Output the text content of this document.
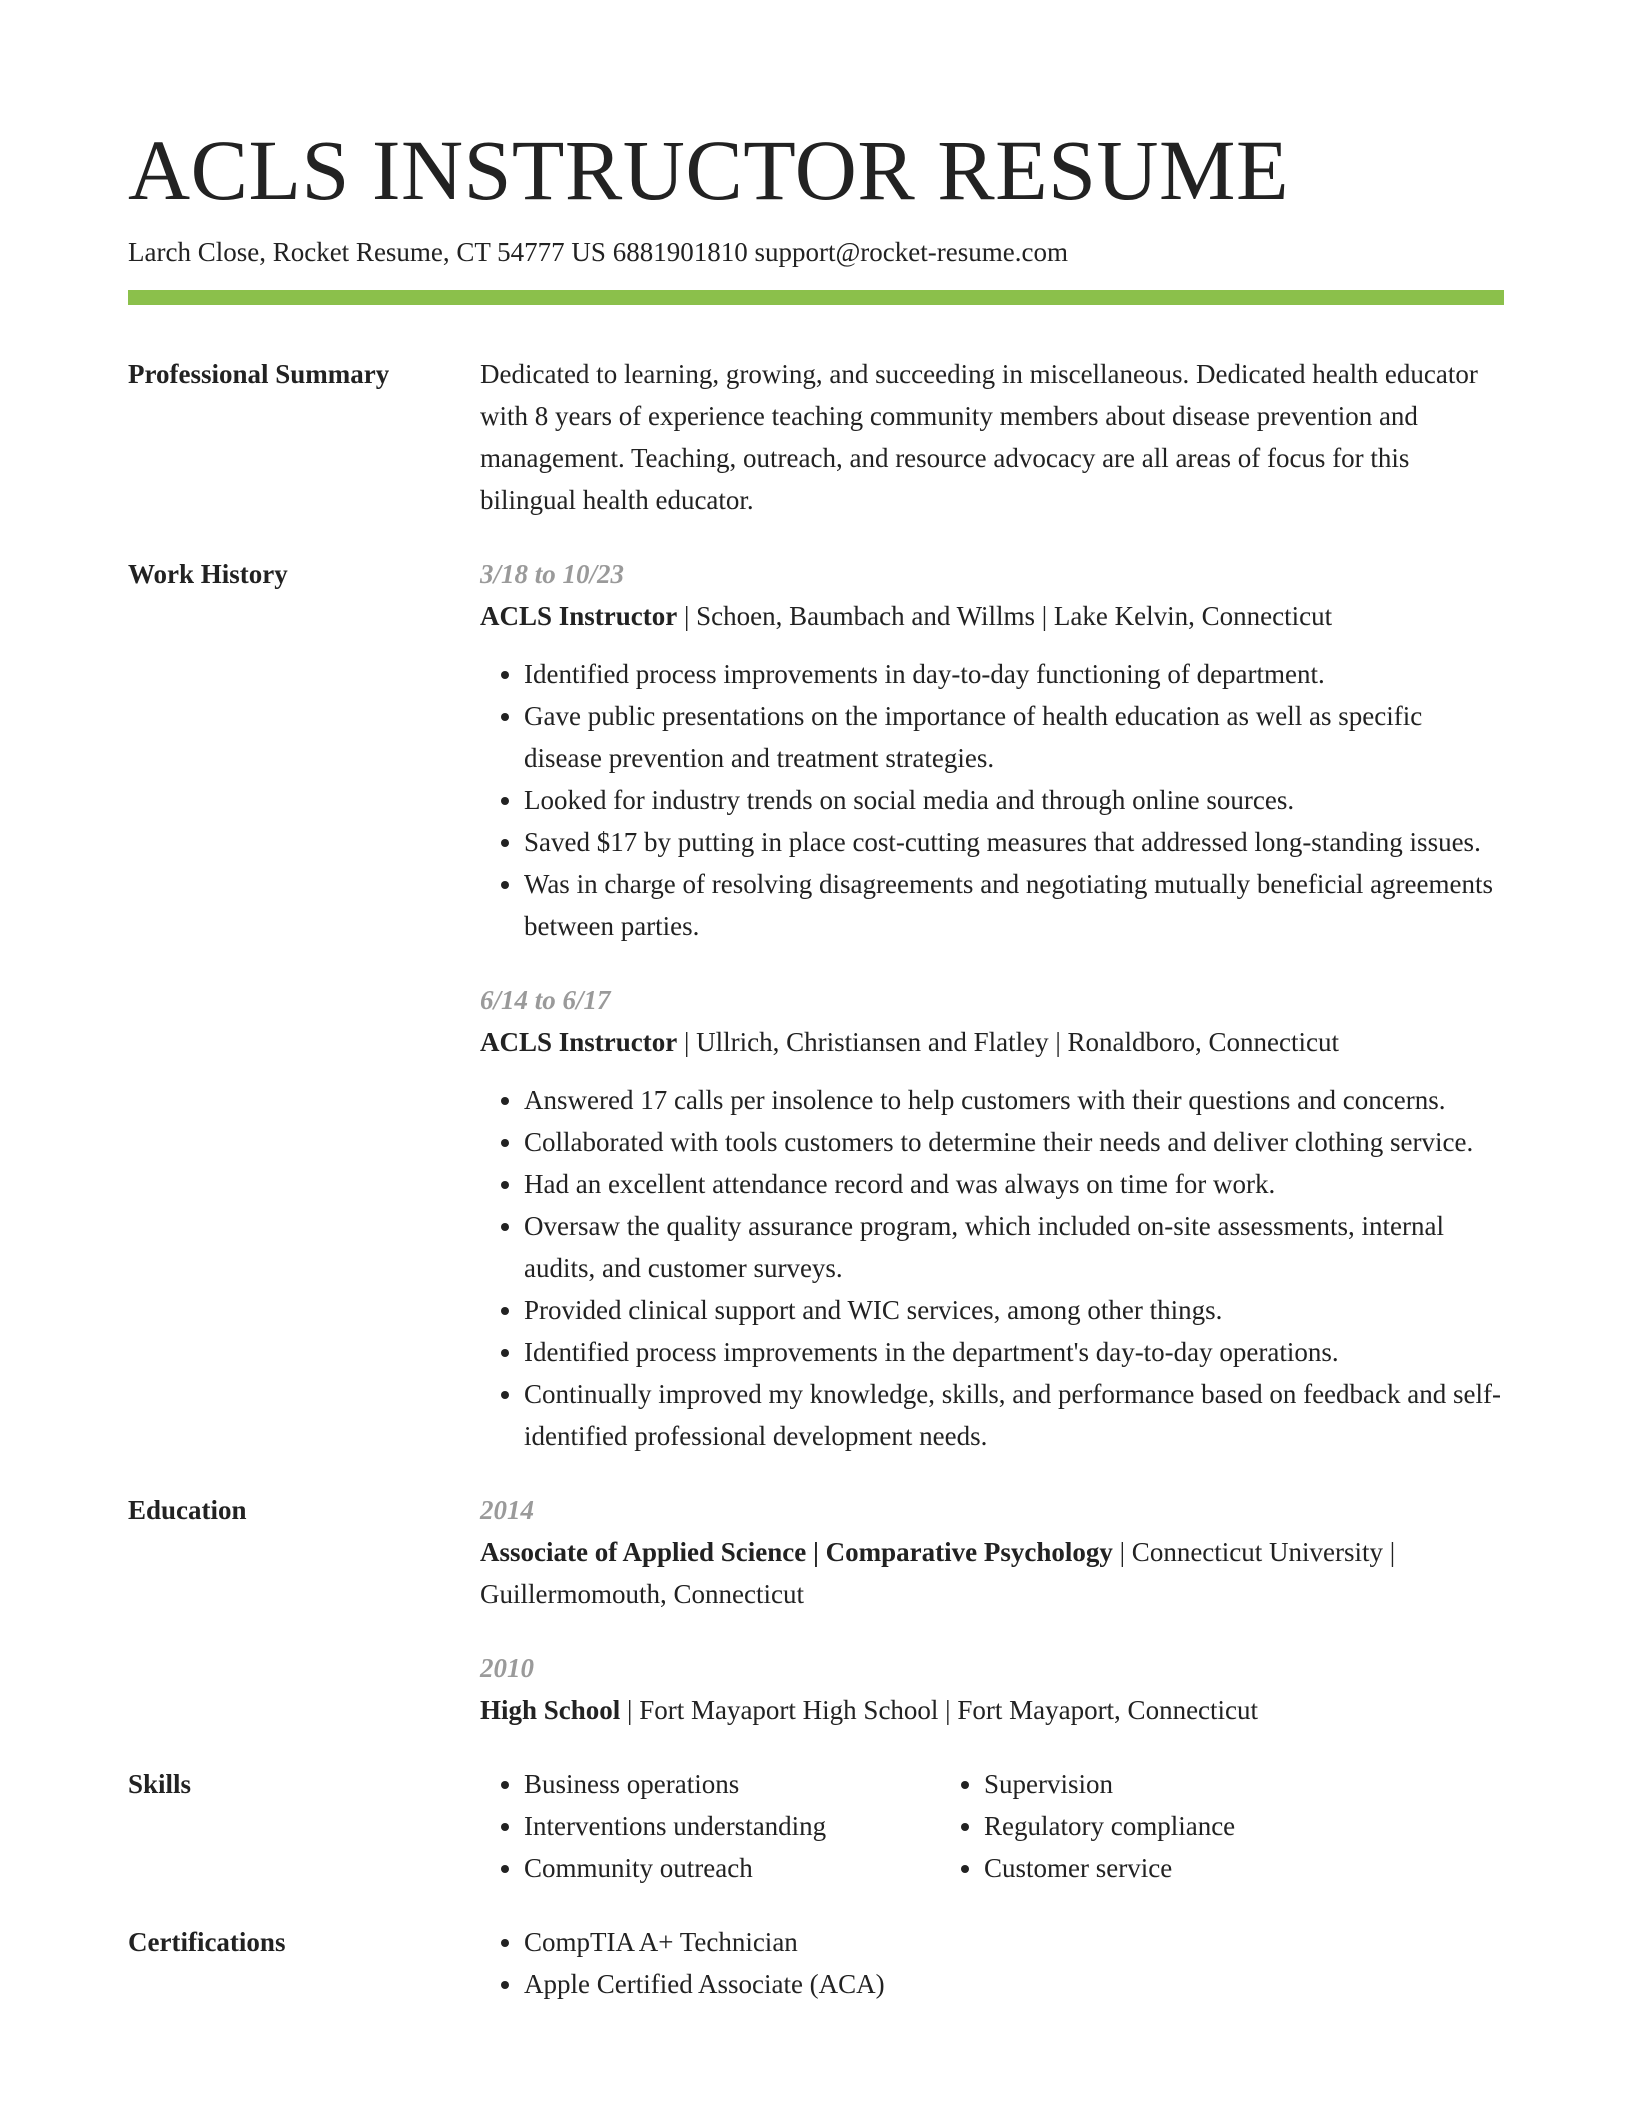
ACLS INSTRUCTOR RESUME
Larch Close, Rocket Resume, CT 54777 US 6881901810 support@rocket-resume.com
Professional Summary	Dedicated to learning, growing, and succeeding in miscellaneous. Dedicated health educator with 8 years of experience teaching community members about disease prevention and management. Teaching, outreach, and resource advocacy are all areas of focus for this bilingual health educator.

Work History	3/18 to 10/23

ACLS Instructor | Schoen, Baumbach and Willms | Lake Kelvin, Connecticut

• Identified process improvements in day-to-day functioning of department.
• Gave public presentations on the importance of health education as well as specific disease prevention and treatment strategies.
• Looked for industry trends on social media and through online sources.
• Saved $17 by putting in place cost-cutting measures that addressed long-standing issues.
• Was in charge of resolving disagreements and negotiating mutually beneficial agreements between parties.

6/14 to 6/17

ACLS Instructor | Ullrich, Christiansen and Flatley | Ronaldboro, Connecticut

• Answered 17 calls per insolence to help customers with their questions and concerns.
• Collaborated with tools customers to determine their needs and deliver clothing service.
• Had an excellent attendance record and was always on time for work.
• Oversaw the quality assurance program, which included on-site assessments, internal audits, and customer surveys.
• Provided clinical support and WIC services, among other things.
• Identified process improvements in the department's day-to-day operations.
• Continually improved my knowledge, skills, and performance based on feedback and self-identified professional development needs.
Education	2014

Associate of Applied Science | Comparative Psychology | Connecticut University | Guillermomouth, Connecticut

2010

High School | Fort Mayaport High School | Fort Mayaport, Connecticut

Skills	• Business operations
• Interventions understanding
• Community outreach
• Supervision
• Regulatory compliance
• Customer service
Certifications	• CompTIA A+ Technician
• Apple Certified Associate (ACA)
